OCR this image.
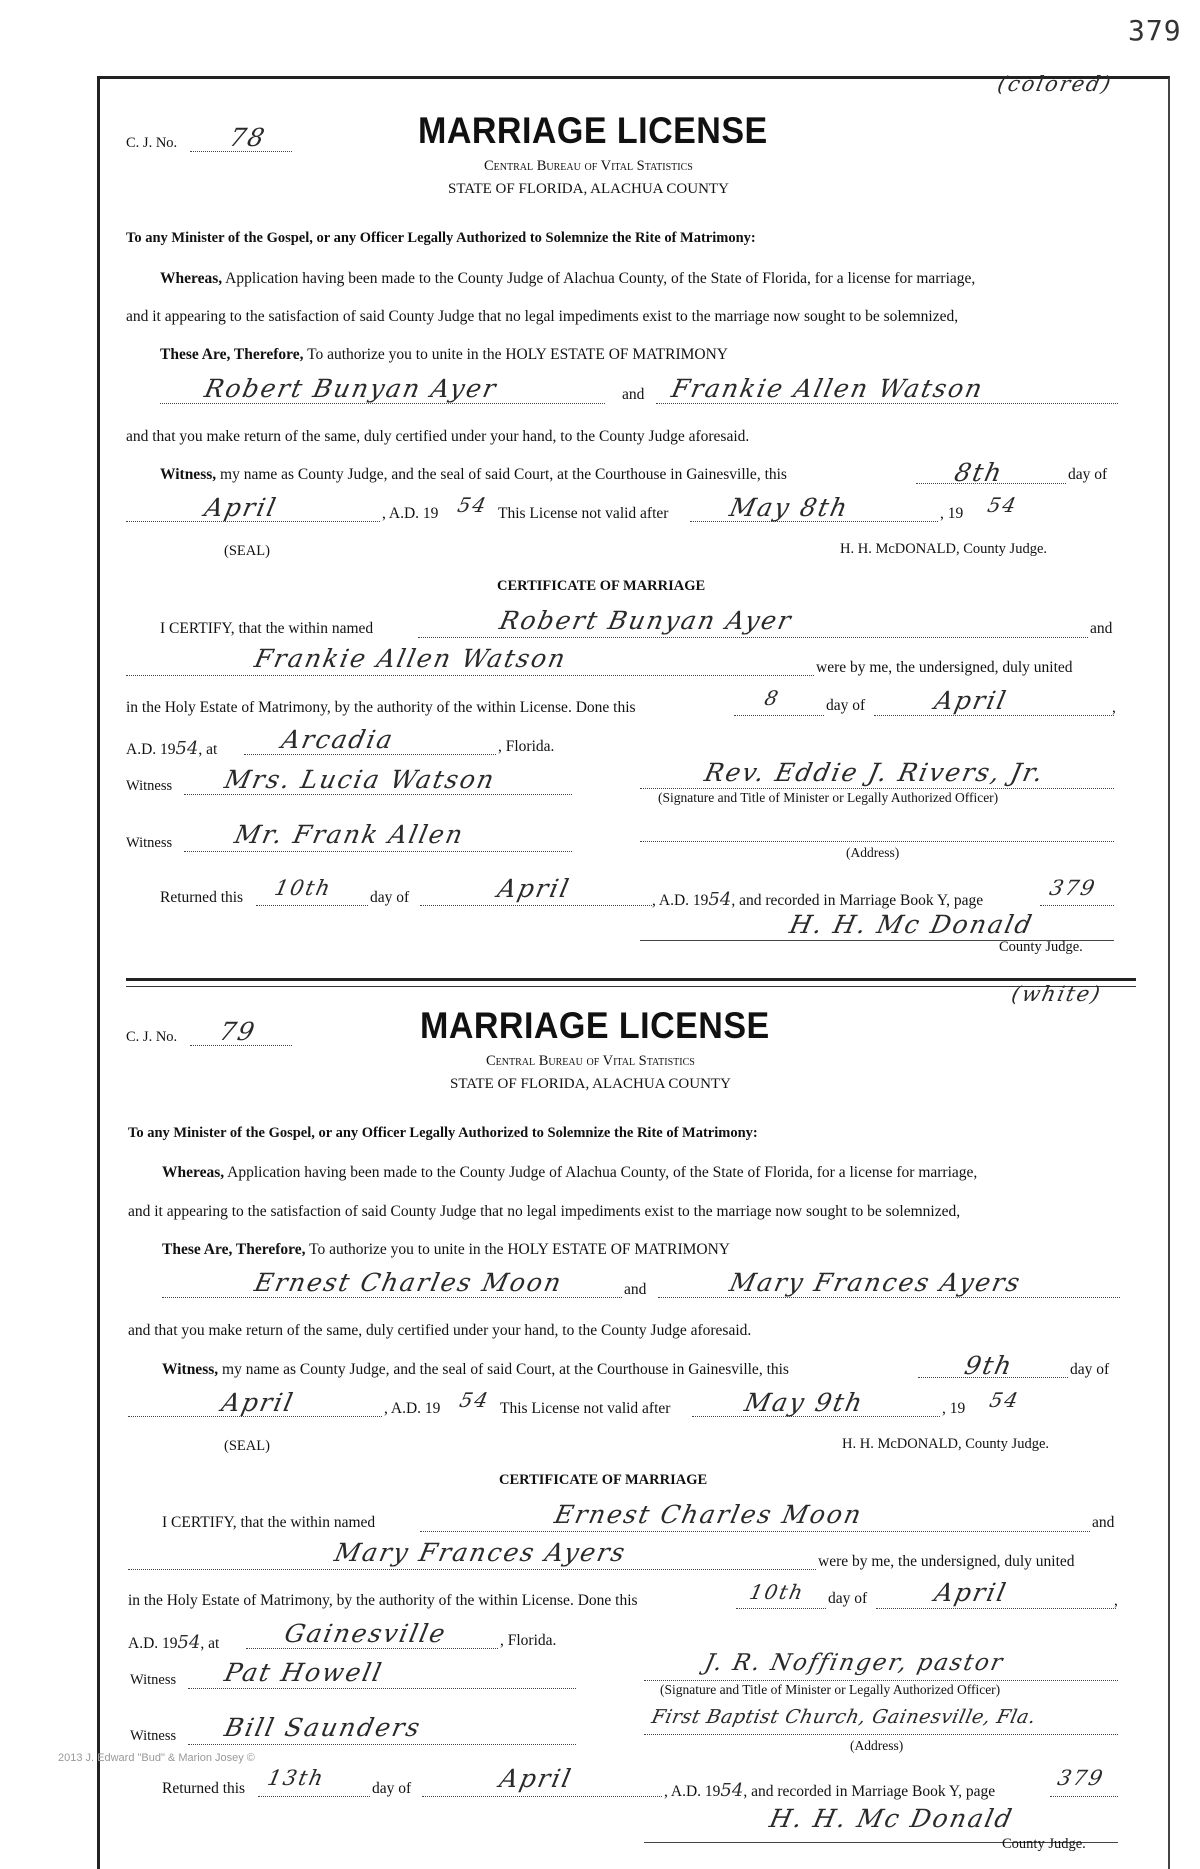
379
(colored)
C. J. No. 78	MARRIAGE LICENSE
Central Bureau of Vital Statistics
STATE OF FLORIDA, ALACHUA COUNTY
To any Minister of the Gospel, or any Officer Legally Authorized to Solemnize the Rite of Matrimony:
Whereas, Application having been made to the County Judge of Alachua County, of the State of Florida, for a license for marriage,
and it appearing to the satisfaction of said County Judge that no legal impediments exist to the marriage now sought to be solemnized,
These Are, Therefore, To authorize you to unite in the HOLY ESTATE OF MATRIMONY
Robert Bunyan Ayer	and Frankie Allen Watson
and that you make return of the same, duly certified under your hand, to the County Judge aforesaid.
Witness, my name as County Judge, and the seal of said Court, at the Courthouse in Gainesville, this	8th	day of
April	, A.D. 19 54 This License not valid after May 8th	, 19 54
(SEAL)	H. H. McDONALD, County Judge.
CERTIFICATE OF MARRIAGE
I CERTIFY, that the within named	Robert Bunyan Ayer	and
Frankie Allen Watson	were by me, the undersigned, duly united
in the Holy Estate of Matrimony, by the authority of the within License. Done this	8	day of	April	,
A.D. 1954, at Arcadia	, Florida.
Witness Mrs. Lucia Watson	Rev. Eddie J. Rivers, Jr.
(Signature and Title of Minister or Legally Authorized Officer)
Witness Mr. Frank Allen
(Address)
Returned this 10th day of	April	, A.D. 1954, and recorded in Marriage Book Y, page
379
H. H. Mc Donald
County Judge.
(white)
C. J. No. 79	MARRIAGE LICENSE
Central Bureau of Vital Statistics
STATE OF FLORIDA, ALACHUA COUNTY
To any Minister of the Gospel, or any Officer Legally Authorized to Solemnize the Rite of Matrimony:
Whereas, Application having been made to the County Judge of Alachua County, of the State of Florida, for a license for marriage,
and it appearing to the satisfaction of said County Judge that no legal impediments exist to the marriage now sought to be solemnized,
These Are, Therefore, To authorize you to unite in the HOLY ESTATE OF MATRIMONY
Ernest Charles Moon	and	Mary Frances Ayers
and that you make return of the same, duly certified under your hand, to the County Judge aforesaid.
Witness, my name as County Judge, and the seal of said Court, at the Courthouse in Gainesville, this	9th	day of
April	, A.D. 19 54 This License not valid after	May 9th	, 19 54
(SEAL)	H. H. McDONALD, County Judge.
CERTIFICATE OF MARRIAGE
I CERTIFY, that the within named	Ernest Charles Moon	and
Mary Frances Ayers	were by me, the undersigned, duly united
in the Holy Estate of Matrimony, by the authority of the within License. Done this	10th day of	April	,
A.D. 1954, at	Gainesville	, Florida.
Witness Pat Howell	J. R. Noffinger, pastor
(Signature and Title of Minister or Legally Authorized Officer)
Witness Bill Saunders	First Baptist Church, Gainesville, Fla.
(Address)
Returned this 13th	day of	April	, A.D. 1954, and recorded in Marriage Book Y, page
379
H. H. Mc Donald
County Judge.
2013 J. Edward "Bud" & Marion Josey ©
